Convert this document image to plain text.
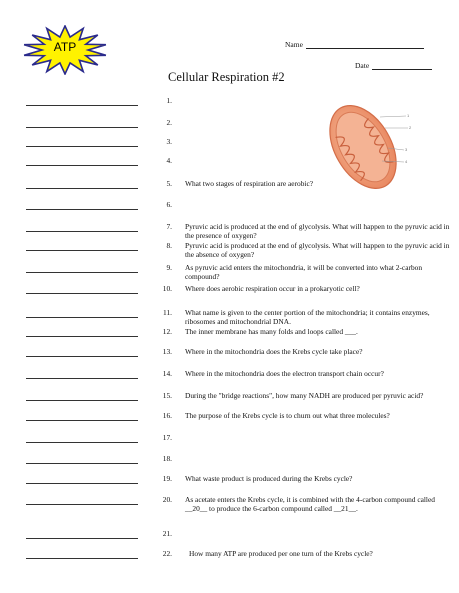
ATP	Name
Date
Cellular Respiration #2
1
2
3
4
1.
2.
3.
4.
5. What two stages of respiration are aerobic?
6.
7. Pyruvic acid is produced at the end of glycolysis. What will happen to the pyruvic acid in the presence of oxygen?
8. Pyruvic acid is produced at the end of glycolysis. What will happen to the pyruvic acid in the absence of oxygen?
9. As pyruvic acid enters the mitochondria, it will be converted into what 2-carbon compound?
10. Where does aerobic respiration occur in a prokaryotic cell?
11. What name is given to the center portion of the mitochondria; it contains enzymes, ribosomes and mitochondrial DNA.
12. The inner membrane has many folds and loops called ___.
13. Where in the mitochondria does the Krebs cycle take place?
14. Where in the mitochondria does the electron transport chain occur?
15. During the "bridge reactions", how many NADH are produced per pyruvic acid?
16. The purpose of the Krebs cycle is to churn out what three molecules?
17.
18.
19. What waste product is produced during the Krebs cycle?
20. As acetate enters the Krebs cycle, it is combined with the 4-carbon compound called __20__ to produce the 6-carbon compound called __21__.
21.
22. How many ATP are produced per one turn of the Krebs cycle?
